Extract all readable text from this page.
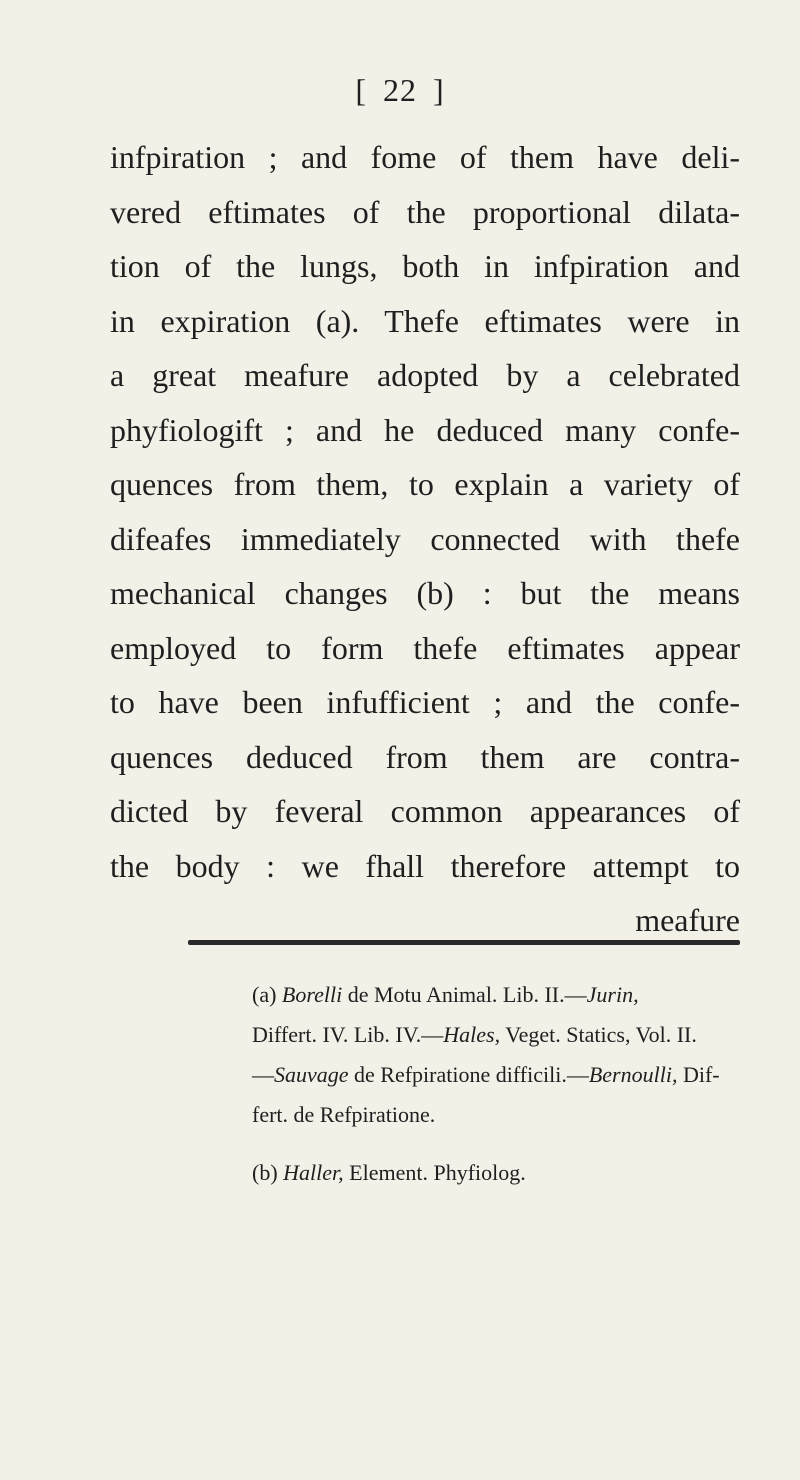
[ 22 ]
infpiration ; and fome of them have deli-
vered eftimates of the proportional dilata-
tion of the lungs, both in infpiration and
in expiration (a). Thefe eftimates were in
a great meafure adopted by a celebrated
phyfiologift ; and he deduced many confe-
quences from them, to explain a variety of
difeafes immediately connected with thefe
mechanical changes (b) : but the means
employed to form thefe eftimates appear
to have been infufficient ; and the confe-
quences deduced from them are contra-
dicted by feveral common appearances of
the body : we fhall therefore attempt to
meafure
(a) Borelli de Motu Animal. Lib. II.—Jurin,
Differt. IV. Lib. IV.—Hales, Veget. Statics, Vol. II.
—Sauvage de Refpiratione difficili.—Bernoulli, Dif-
fert. de Refpiratione.
(b) Haller, Element. Phyfiolog.
